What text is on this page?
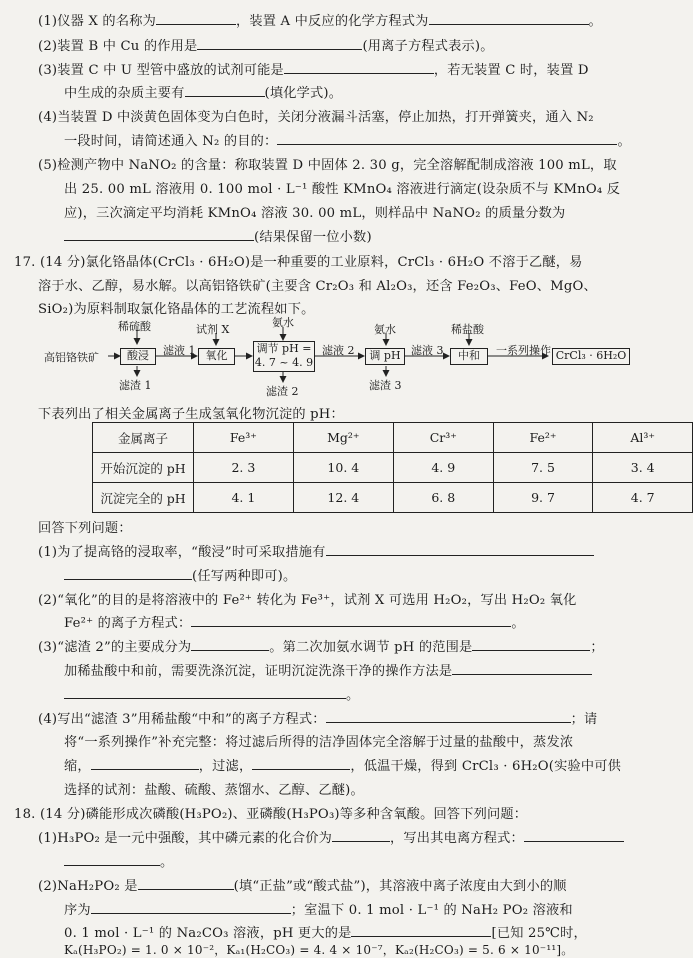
(1)仪器 X 的名称为	，装置 A 中反应的化学方程式为	。
(2)装置 B 中 Cu 的作用是	(用离子方程式表示)。
(3)装置 C 中 U 型管中盛放的试剂可能是	，若无装置 C 时，装置 D
中生成的杂质主要有	(填化学式)。
(4)当装置 D 中淡黄色固体变为白色时，关闭分液漏斗活塞，停止加热，打开弹簧夹，通入 N₂
一段时间，请简述通入 N₂ 的目的：	。
(5)检测产物中 NaNO₂ 的含量：称取装置 D 中固体 2. 30 g，完全溶解配制成溶液 100 mL，取
出 25. 00 mL 溶液用 0. 100 mol · L⁻¹ 酸性 KMnO₄ 溶液进行滴定(设杂质不与 KMnO₄ 反
应)，三次滴定平均消耗 KMnO₄ 溶液 30. 00 mL，则样品中 NaNO₂ 的质量分数为
(结果保留一位小数)
17. (14 分)氯化铬晶体(CrCl₃ · 6H₂O)是一种重要的工业原料，CrCl₃ · 6H₂O 不溶于乙醚，易
溶于水、乙醇，易水解。以高铝铬铁矿(主要含 Cr₂O₃ 和 Al₂O₃，还含 Fe₂O₃、FeO、MgO、
SiO₂)为原料制取氯化铬晶体的工艺流程如下。
高铝铬铁矿
稀硫酸
酸浸
滤渣 1
滤液 1
试剂 X
氧化
氨水
调节 pH =
4. 7 ~ 4. 9
滤渣 2
滤液 2
氨水
调 pH
滤渣 3
滤液 3
稀盐酸
中和	一系列操作 CrCl₃ · 6H₂O
下表列出了相关金属离子生成氢氧化物沉淀的 pH：
金属离子	Fe³⁺	Mg²⁺	Cr³⁺	Fe²⁺	Al³⁺
开始沉淀的 pH	2. 3	10. 4	4. 9	7. 5	3. 4
沉淀完全的 pH	4. 1	12. 4	6. 8	9. 7	4. 7
回答下列问题：
(1)为了提高铬的浸取率，“酸浸”时可采取措施有
(任写两种即可)。
(2)“氧化”的目的是将溶液中的 Fe²⁺ 转化为 Fe³⁺，试剂 X 可选用 H₂O₂，写出 H₂O₂ 氧化
Fe²⁺ 的离子方程式：	。
(3)“滤渣 2”的主要成分为	。第二次加氨水调节 pH 的范围是	；
加稀盐酸中和前，需要洗涤沉淀，证明沉淀洗涤干净的操作方法是
。
(4)写出“滤渣 3”用稀盐酸“中和”的离子方程式：	；请
将“一系列操作”补充完整：将过滤后所得的洁净固体完全溶解于过量的盐酸中，蒸发浓
缩，	，过滤，	，低温干燥，得到 CrCl₃ · 6H₂O(实验中可供
选择的试剂：盐酸、硫酸、蒸馏水、乙醇、乙醚)。
18. (14 分)磷能形成次磷酸(H₃PO₂)、亚磷酸(H₃PO₃)等多种含氧酸。回答下列问题：
(1)H₃PO₂ 是一元中强酸，其中磷元素的化合价为	，写出其电离方程式：
。
(2)NaH₂PO₂ 是	(填“正盐”或“酸式盐”)，其溶液中离子浓度由大到小的顺
序为	；室温下 0. 1 mol · L⁻¹ 的 NaH₂ PO₂ 溶液和
0. 1 mol · L⁻¹ 的 Na₂CO₃ 溶液，pH 更大的是	[已知 25℃时，
Kₐ(H₃PO₂) = 1. 0 × 10⁻²，Kₐ₁(H₂CO₃) = 4. 4 × 10⁻⁷，Kₐ₂(H₂CO₃) = 5. 6 × 10⁻¹¹]。
